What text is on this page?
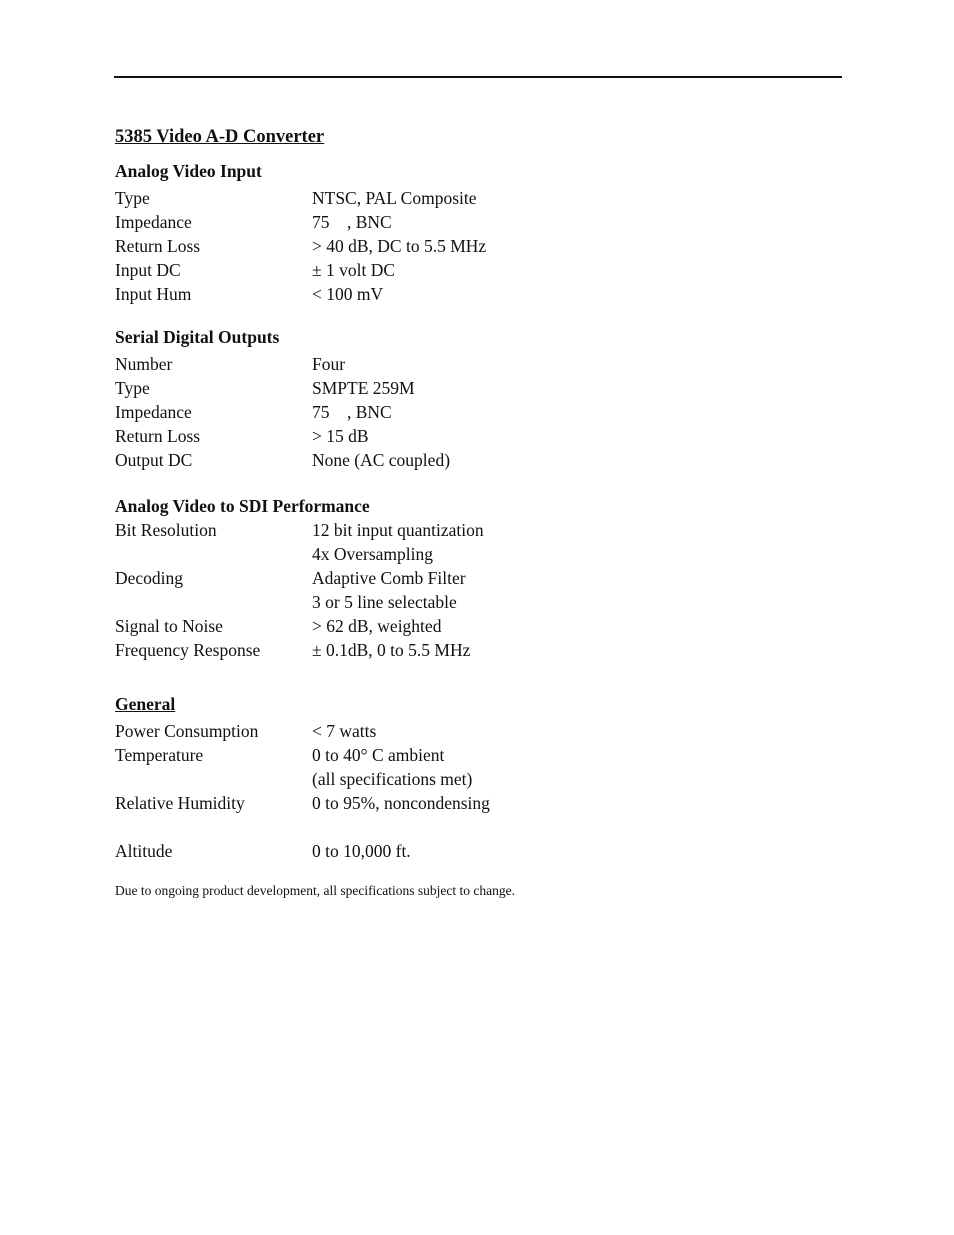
5385 Video A-D Converter
Analog Video Input
Type	NTSC, PAL Composite
Impedance	75    , BNC
Return Loss	> 40 dB, DC to 5.5 MHz
Input DC	± 1 volt DC
Input Hum	< 100 mV
Serial Digital Outputs
Number	Four
Type	SMPTE 259M
Impedance	75    , BNC
Return Loss	> 15 dB
Output DC	None (AC coupled)
Analog Video to SDI Performance
Bit Resolution	12 bit input quantization
4x Oversampling
Decoding	Adaptive Comb Filter
3 or 5 line selectable
Signal to Noise	> 62 dB, weighted
Frequency Response	± 0.1dB, 0 to 5.5 MHz
General
Power Consumption	< 7 watts
Temperature	0 to 40° C ambient
(all specifications met)
Relative Humidity	0 to 95%, noncondensing
Altitude	0 to 10,000 ft.
Due to ongoing product development, all specifications subject to change.
